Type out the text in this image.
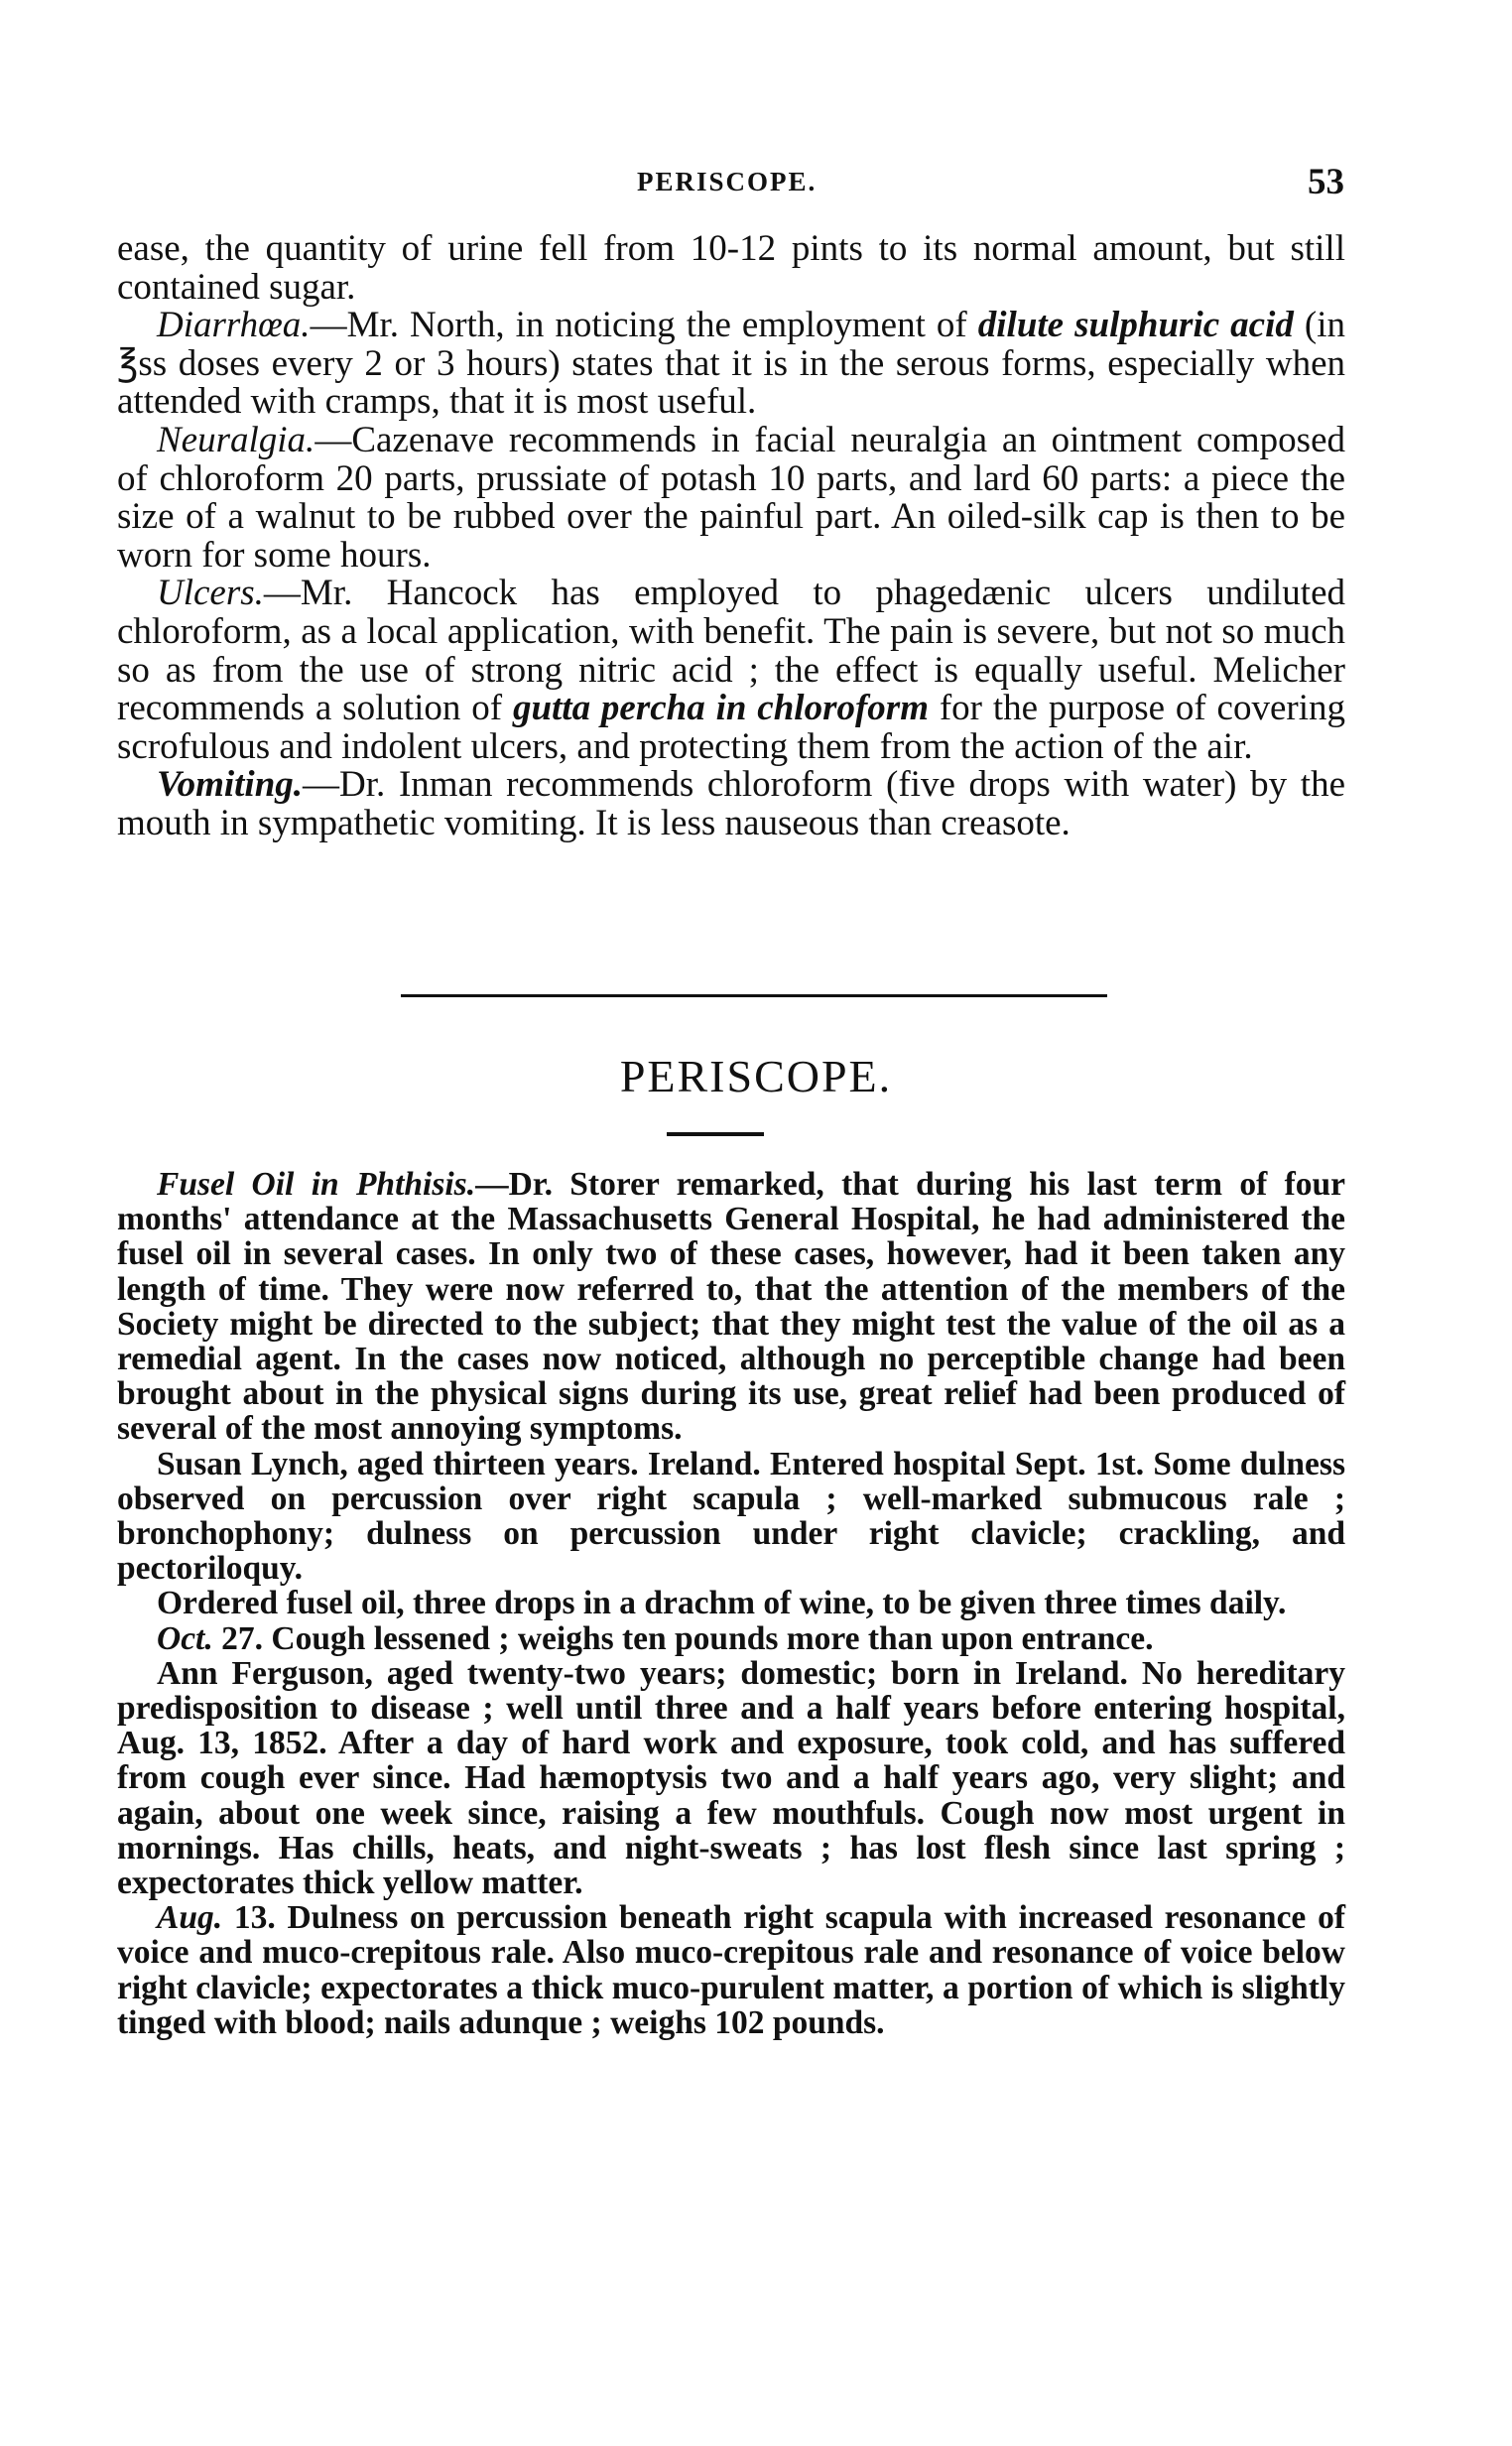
PERISCOPE.	53

ease, the quantity of urine fell from 10-12 pints to its normal amount, but still contained sugar.

Diarrhœa.—Mr. North, in noticing the employment of dilute sulphuric acid (in ℥ss doses every 2 or 3 hours) states that it is in the serous forms, especially when attended with cramps, that it is most useful.

Neuralgia.—Cazenave recommends in facial neuralgia an ointment composed of chloroform 20 parts, prussiate of potash 10 parts, and lard 60 parts: a piece the size of a walnut to be rubbed over the painful part. An oiled-silk cap is then to be worn for some hours.

Ulcers.—Mr. Hancock has employed to phagedænic ulcers undiluted chloroform, as a local application, with benefit. The pain is severe, but not so much so as from the use of strong nitric acid ; the effect is equally useful. Melicher recommends a solution of gutta percha in chloroform for the purpose of covering scrofulous and indolent ulcers, and protecting them from the action of the air.

Vomiting.—Dr. Inman recommends chloroform (five drops with water) by the mouth in sympathetic vomiting. It is less nauseous than creasote.

PERISCOPE.

Fusel Oil in Phthisis.—Dr. Storer remarked, that during his last term of four months' attendance at the Massachusetts General Hospital, he had administered the fusel oil in several cases. In only two of these cases, however, had it been taken any length of time. They were now referred to, that the attention of the members of the Society might be directed to the subject; that they might test the value of the oil as a remedial agent. In the cases now noticed, although no perceptible change had been brought about in the physical signs during its use, great relief had been produced of several of the most annoying symptoms.

Susan Lynch, aged thirteen years. Ireland. Entered hospital Sept. 1st. Some dulness observed on percussion over right scapula ; well-marked submucous rale ; bronchophony; dulness on percussion under right clavicle; crackling, and pectoriloquy.

Ordered fusel oil, three drops in a drachm of wine, to be given three times daily.

Oct. 27. Cough lessened ; weighs ten pounds more than upon entrance.

Ann Ferguson, aged twenty-two years; domestic; born in Ireland. No hereditary predisposition to disease ; well until three and a half years before entering hospital, Aug. 13, 1852. After a day of hard work and exposure, took cold, and has suffered from cough ever since. Had hæmoptysis two and a half years ago, very slight; and again, about one week since, raising a few mouthfuls. Cough now most urgent in mornings. Has chills, heats, and night-sweats ; has lost flesh since last spring ; expectorates thick yellow matter.

Aug. 13. Dulness on percussion beneath right scapula with increased resonance of voice and muco-crepitous rale. Also muco-crepitous rale and resonance of voice below right clavicle; expectorates a thick muco-purulent matter, a portion of which is slightly tinged with blood; nails adunque ; weighs 102 pounds.
